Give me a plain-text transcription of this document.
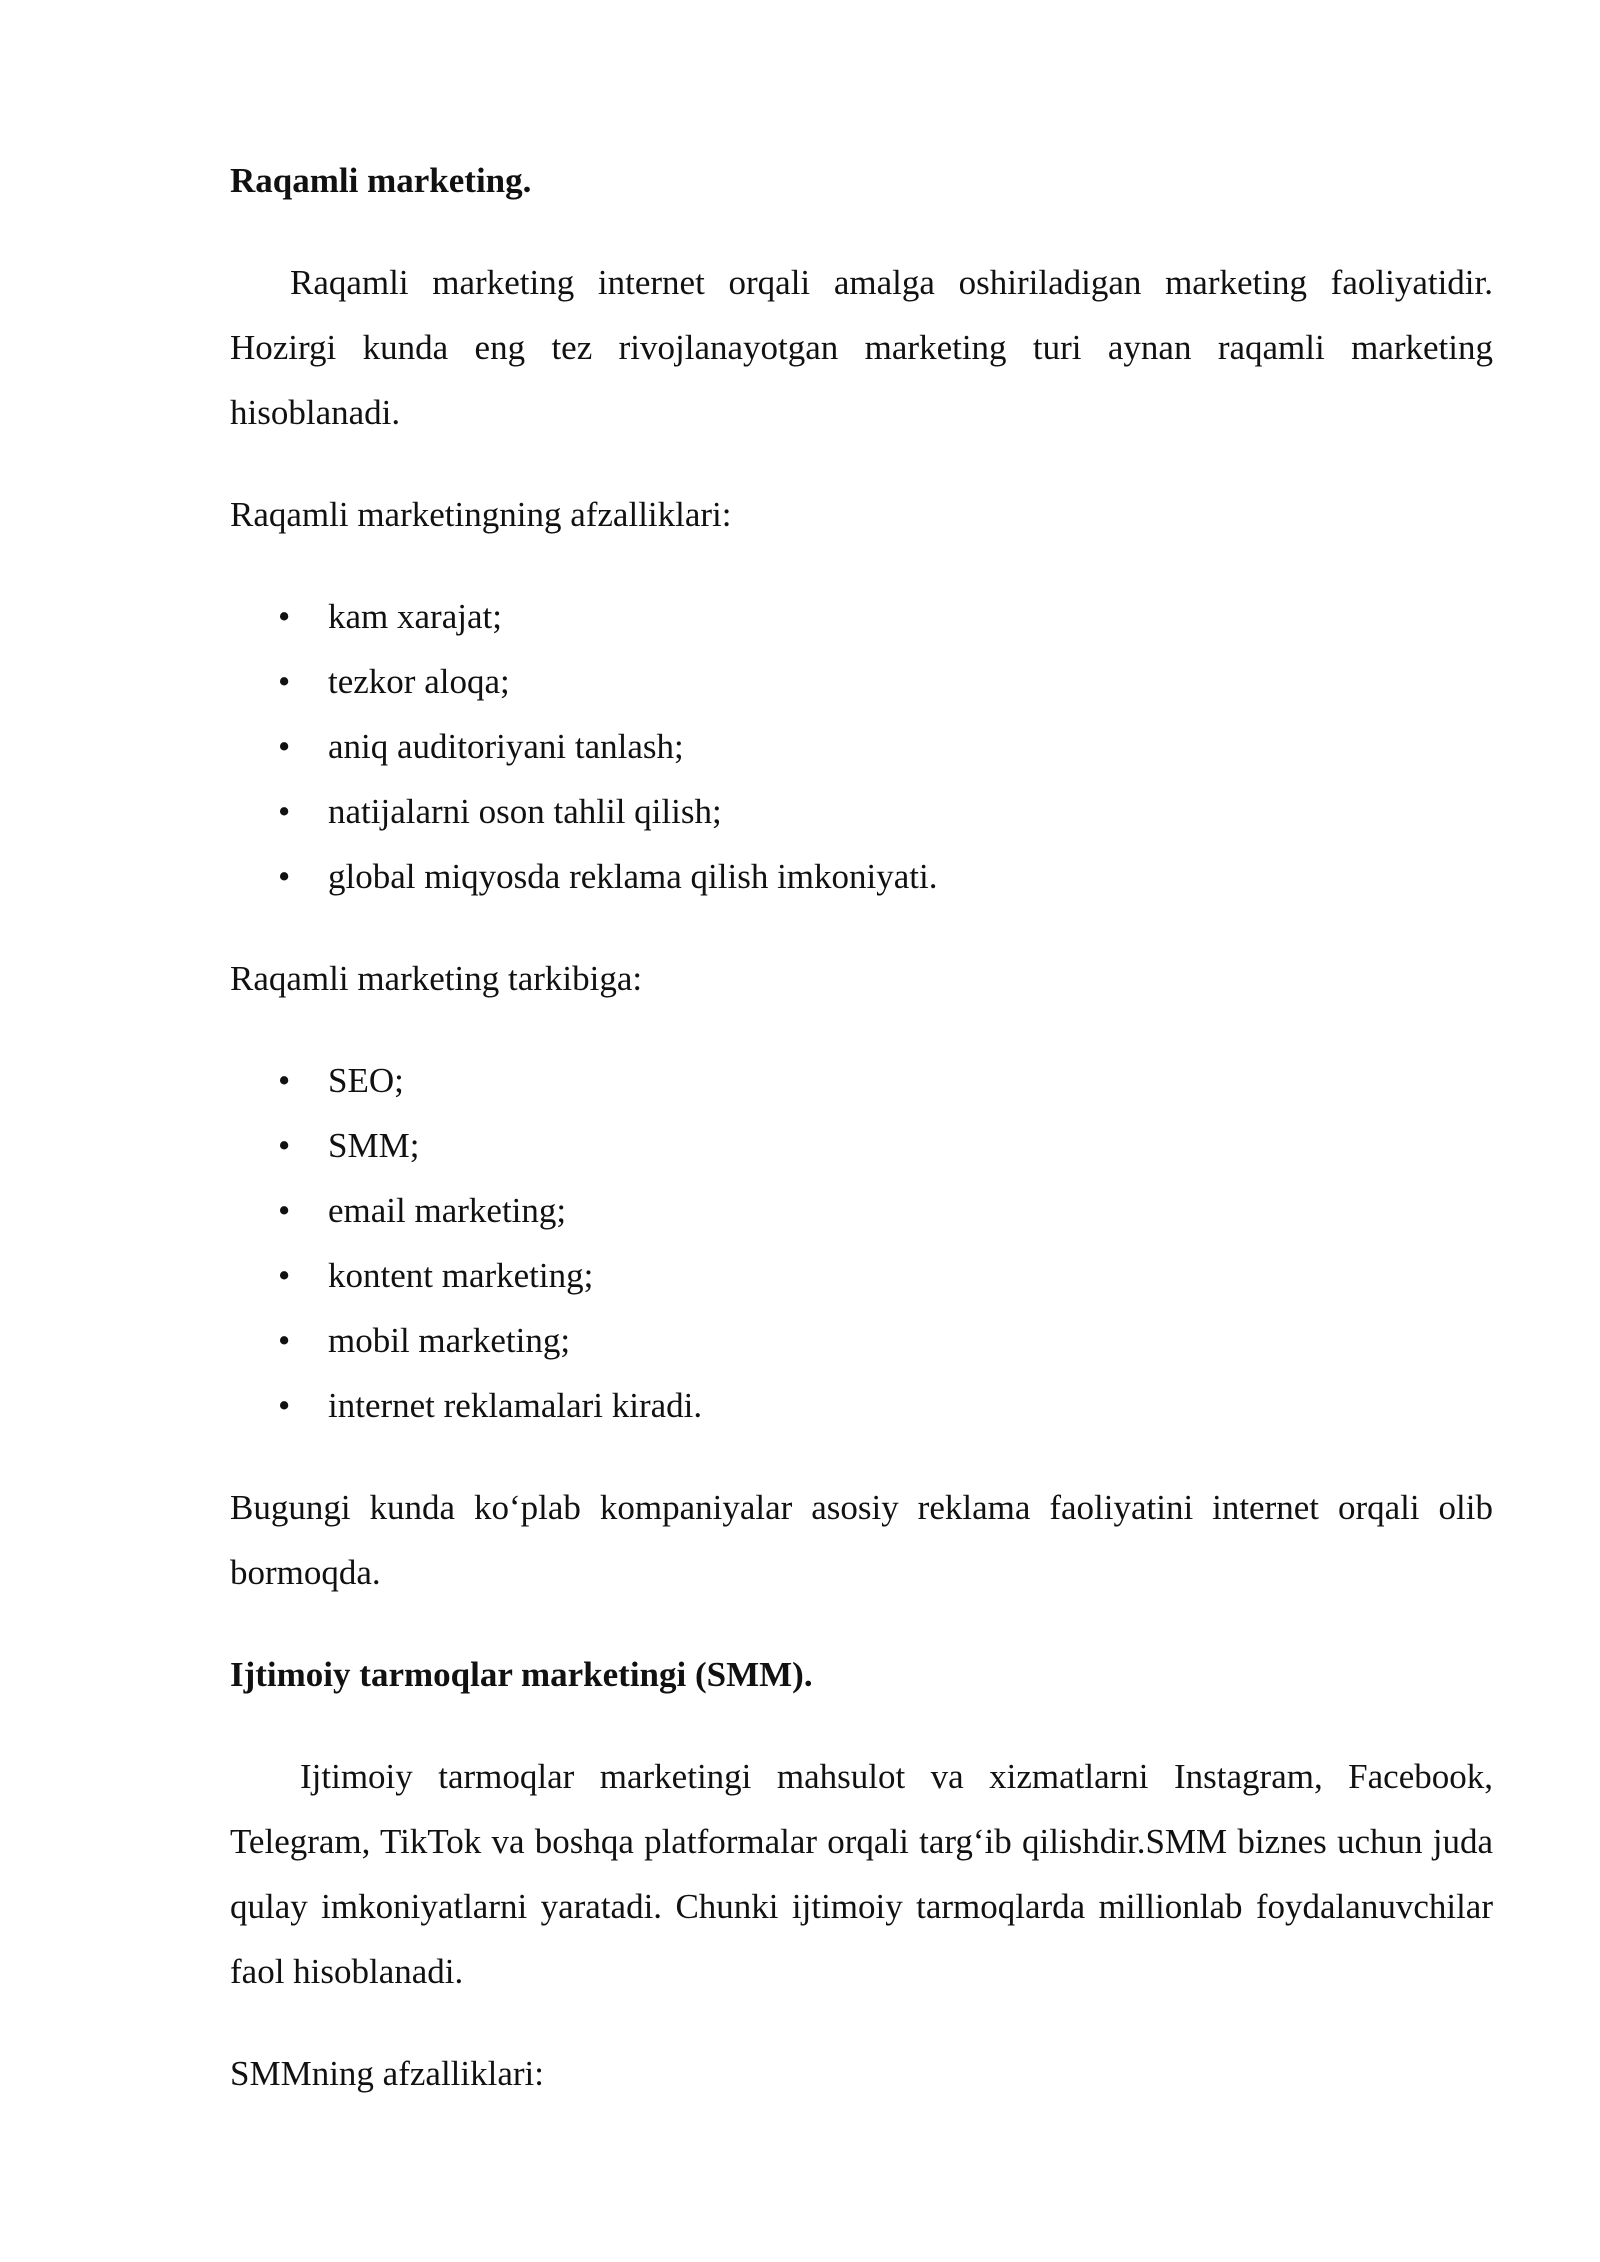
Raqamli marketing.

Raqamli marketing internet orqali amalga oshiriladigan marketing faoliyatidir. Hozirgi kunda eng tez rivojlanayotgan marketing turi aynan raqamli marketing hisoblanadi.

Raqamli marketingning afzalliklari:

• kam xarajat;
• tezkor aloqa;
• aniq auditoriyani tanlash;
• natijalarni oson tahlil qilish;
• global miqyosda reklama qilish imkoniyati.

Raqamli marketing tarkibiga:

• SEO;
• SMM;
• email marketing;
• kontent marketing;
• mobil marketing;
• internet reklamalari kiradi.

Bugungi kunda ko‘plab kompaniyalar asosiy reklama faoliyatini internet orqali olib bormoqda.

Ijtimoiy tarmoqlar marketingi (SMM).

Ijtimoiy tarmoqlar marketingi mahsulot va xizmatlarni Instagram, Facebook, Telegram, TikTok va boshqa platformalar orqali targ‘ib qilishdir.SMM biznes uchun juda qulay imkoniyatlarni yaratadi. Chunki ijtimoiy tarmoqlarda millionlab foydalanuvchilar faol hisoblanadi.

SMMning afzalliklari:
